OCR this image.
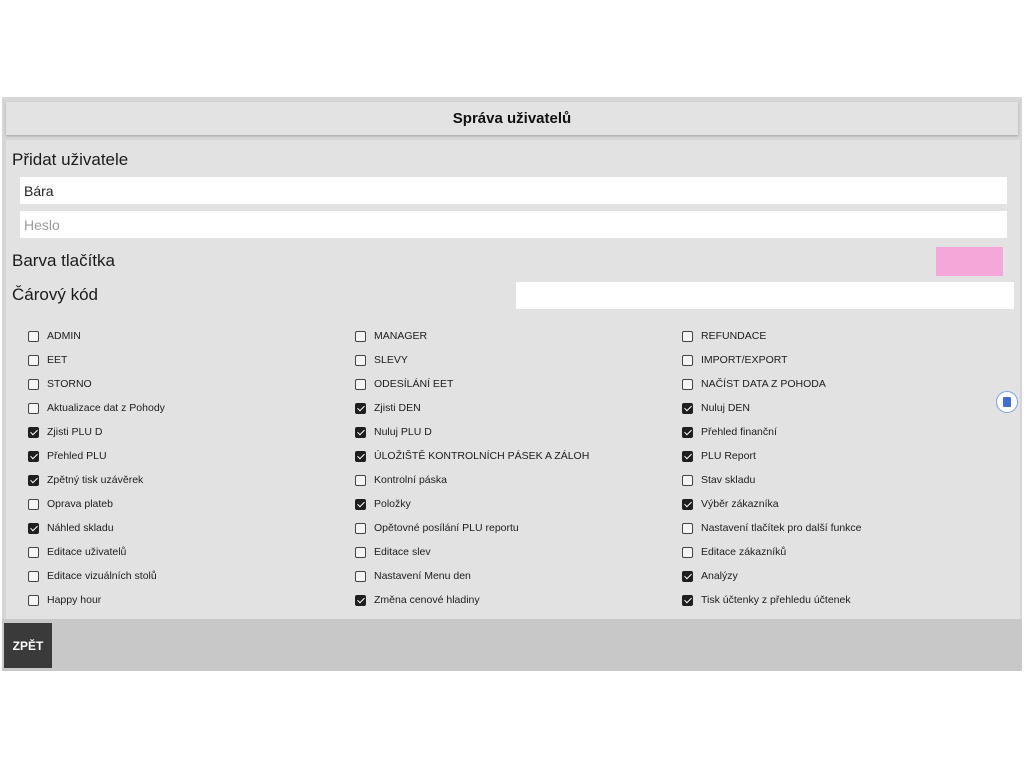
Správa uživatelů
Přidat uživatele
Bára
Heslo
Barva tlačítka
Čárový kód
ADMIN	MANAGER	REFUNDACE
EET	SLEVY	IMPORT/EXPORT
STORNO	ODESÍLÁNÍ EET	NAČÍST DATA Z POHODA
Aktualizace dat z Pohody	Zjisti DEN	Nuluj DEN
Zjisti PLU D	Nuluj PLU D	Přehled finanční
Přehled PLU	ÚLOŽIŠTĚ KONTROLNÍCH PÁSEK A ZÁLOH	PLU Report
Zpětný tisk uzávěrek	Kontrolní páska	Stav skladu
Oprava plateb	Položky	Výběr zákazníka
Náhled skladu	Opětovné posílání PLU reportu	Nastavení tlačítek pro další funkce
Editace uživatelů	Editace slev	Editace zákazníků
Editace vizuálních stolů	Nastavení Menu den	Analýzy
Happy hour	Změna cenové hladiny	Tisk účtenky z přehledu účtenek
ZPĚT
